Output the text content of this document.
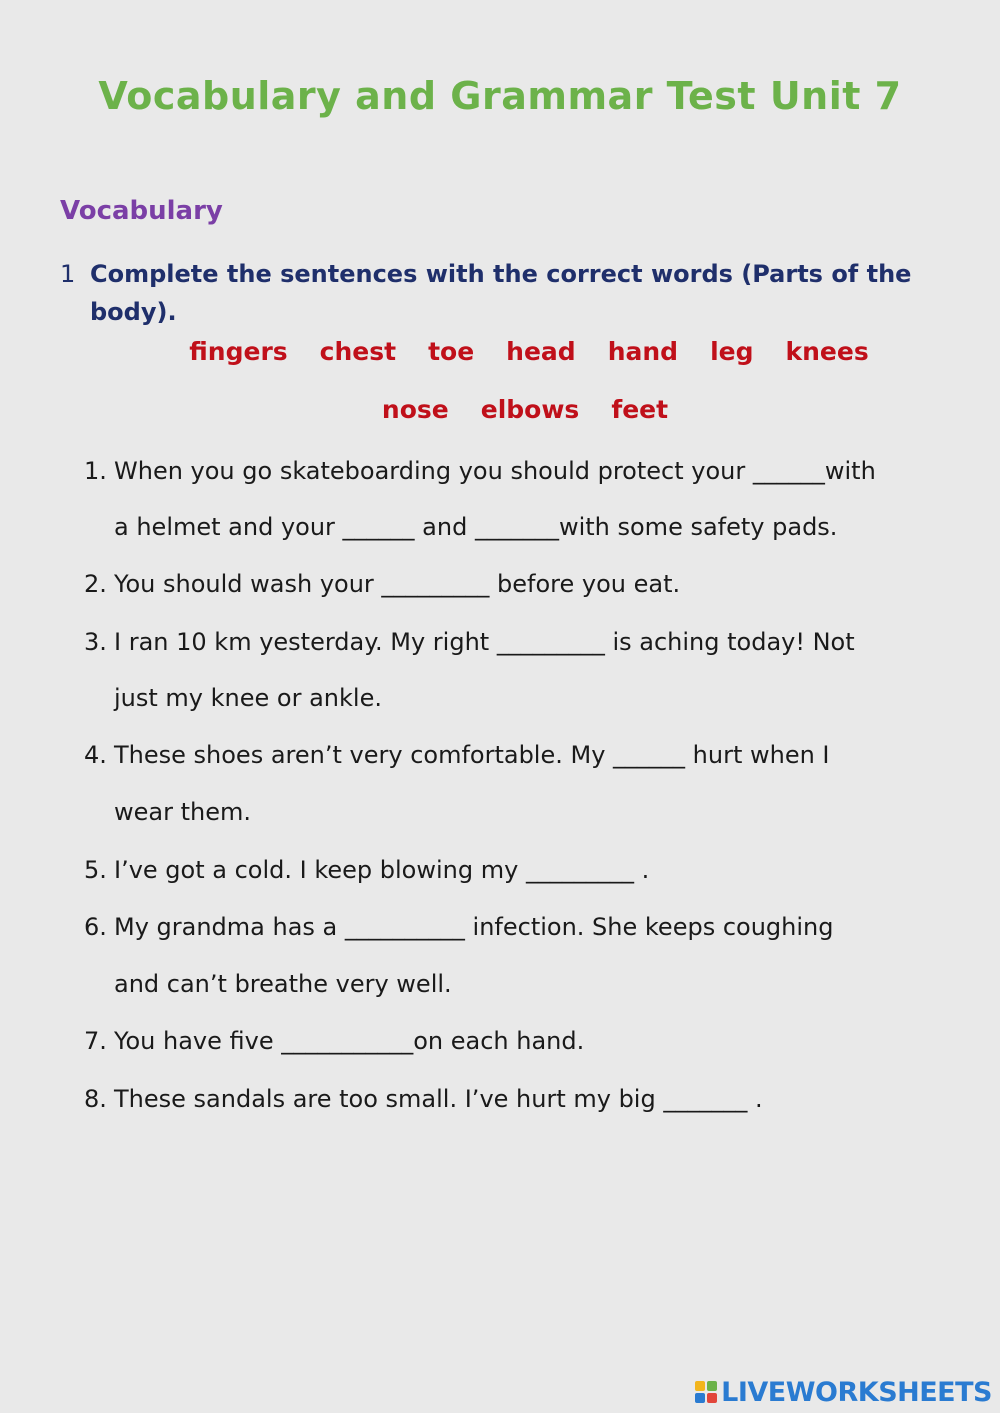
Vocabulary and Grammar Test Unit 7
Vocabulary
1 Complete the sentences with the correct words (Parts of the body).
fingers chest toe head hand leg knees
nose elbows feet
1. When you go skateboarding you should protect your ______with
a helmet and your ______ and _______with some safety pads.
2. You should wash your _________ before you eat.
3. I ran 10 km yesterday. My right _________ is aching today! Not
just my knee or ankle.
4. These shoes aren’t very comfortable. My ______ hurt when I
wear them.
5. I’ve got a cold. I keep blowing my _________ .
6. My grandma has a __________ infection. She keeps coughing
and can’t breathe very well.
7. You have five ___________on each hand.
8. These sandals are too small. I’ve hurt my big _______ .
LIVEWORKSHEETS
